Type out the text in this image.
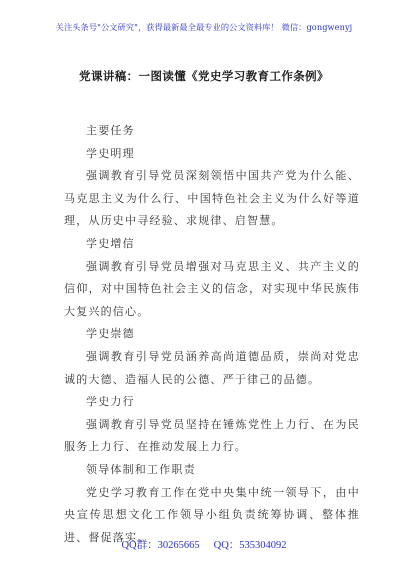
关注头条号"公文研究"，获得最新最全最专业的公文资料库！ 微信：gongwenyj
党课讲稿：一图读懂《党史学习教育工作条例》

主要任务

学史明理

强调教育引导党员深刻领悟中国共产党为什么能、马克思主义为什么行、中国特色社会主义为什么好等道理，从历史中寻经验、求规律、启智慧。

学史增信

强调教育引导党员增强对马克思主义、共产主义的信仰，对中国特色社会主义的信念，对实现中华民族伟大复兴的信心。

学史崇德

强调教育引导党员涵养高尚道德品质，崇尚对党忠诚的大德、造福人民的公德、严于律己的品德。

学史力行

强调教育引导党员坚持在锤炼党性上力行、在为民服务上力行、在推动发展上力行。

领导体制和工作职责

党史学习教育工作在党中央集中统一领导下，由中央宣传思想文化工作领导小组负责统筹协调、整体推进、督促落实。

QQ群：30265665 QQ：535304092
